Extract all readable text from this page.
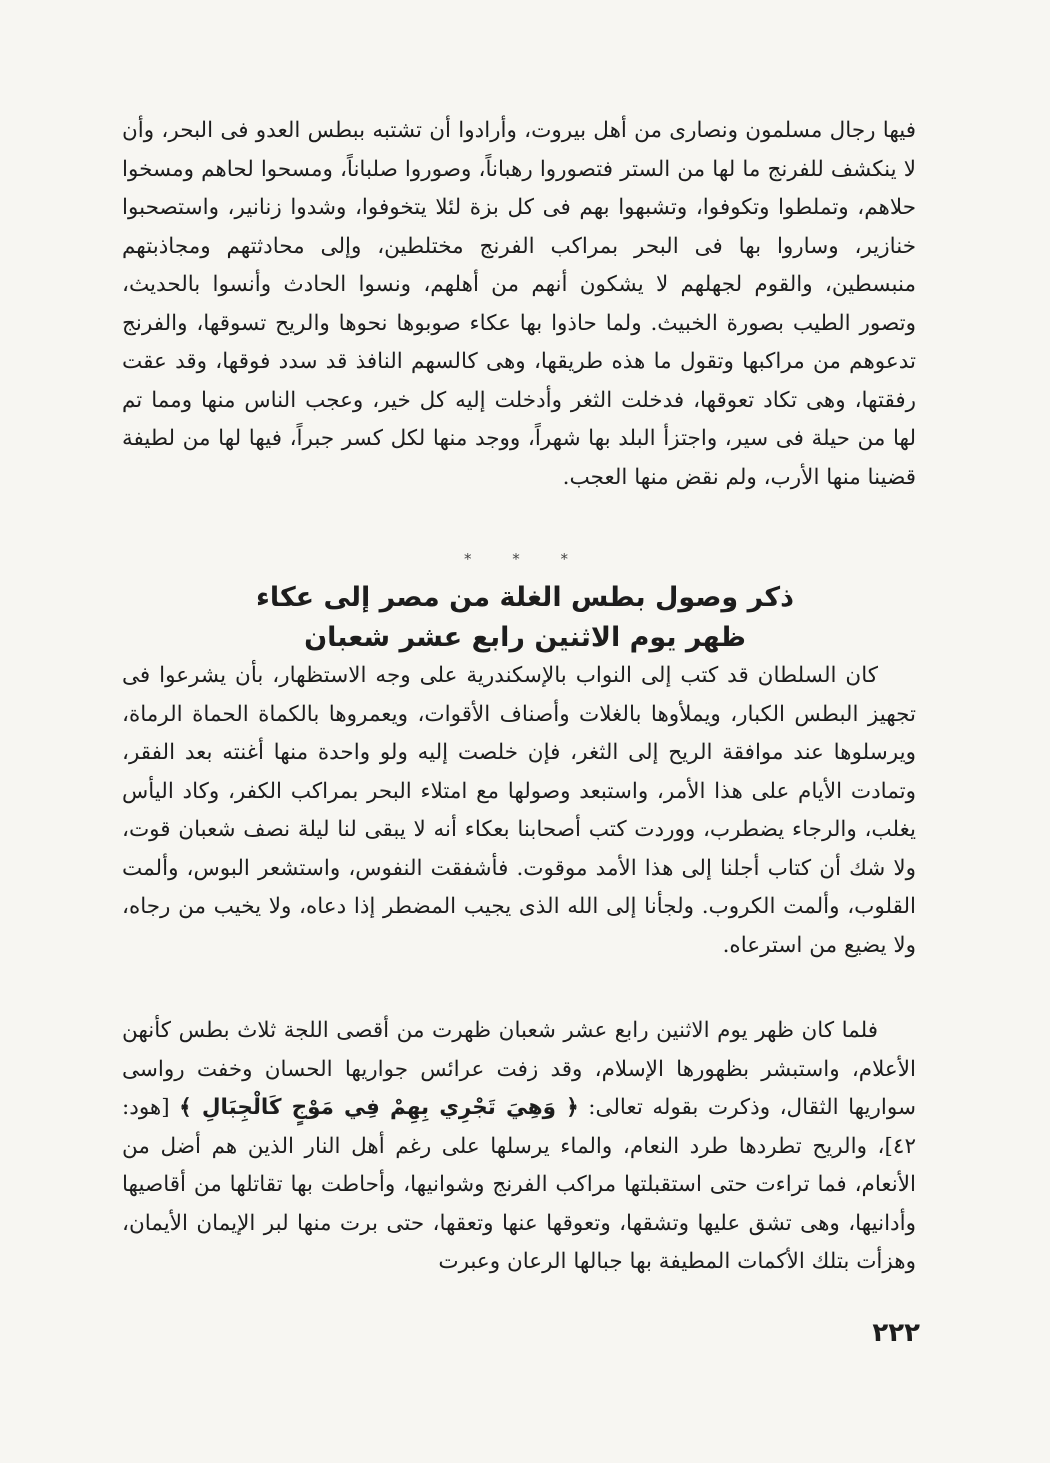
فيها رجال مسلمون ونصارى من أهل بيروت، وأرادوا أن تشتبه ببطس العدو فى البحر، وأن لا ينكشف للفرنج ما لها من الستر فتصوروا رهباناً، وصوروا صلباناً، ومسحوا لحاهم ومسخوا حلاهم، وتملطوا وتكوفوا، وتشبهوا بهم فى كل بزة لئلا يتخوفوا، وشدوا زنانير، واستصحبوا خنازير، وساروا بها فى البحر بمراكب الفرنج مختلطين، وإلى محادثتهم ومجاذبتهم منبسطين، والقوم لجهلهم لا يشكون أنهم من أهلهم، ونسوا الحادث وأنسوا بالحديث، وتصور الطيب بصورة الخبيث. ولما حاذوا بها عكاء صوبوها نحوها والريح تسوقها، والفرنج تدعوهم من مراكبها وتقول ما هذه طريقها، وهى كالسهم النافذ قد سدد فوقها، وقد عقت رفقتها، وهى تكاد تعوقها، فدخلت الثغر وأدخلت إليه كل خير، وعجب الناس منها ومما تم لها من حيلة فى سير، واجتزأ البلد بها شهراً، ووجد منها لكل كسر جبراً، فيها لها من لطيفة قضينا منها الأرب، ولم نقض منها العجب.

* * *
ذكر وصول بطس الغلة من مصر إلى عكاء
ظهر يوم الاثنين رابع عشر شعبان

كان السلطان قد كتب إلى النواب بالإسكندرية على وجه الاستظهار، بأن يشرعوا فى تجهيز البطس الكبار، ويملأوها بالغلات وأصناف الأقوات، ويعمروها بالكماة الحماة الرماة، ويرسلوها عند موافقة الريح إلى الثغر، فإن خلصت إليه ولو واحدة منها أغنته بعد الفقر، وتمادت الأيام على هذا الأمر، واستبعد وصولها مع امتلاء البحر بمراكب الكفر، وكاد اليأس يغلب، والرجاء يضطرب، ووردت كتب أصحابنا بعكاء أنه لا يبقى لنا ليلة نصف شعبان قوت، ولا شك أن كتاب أجلنا إلى هذا الأمد موقوت. فأشفقت النفوس، واستشعر البوس، وألمت القلوب، وألمت الكروب. ولجأنا إلى الله الذى يجيب المضطر إذا دعاه، ولا يخيب من رجاه، ولا يضيع من استرعاه.

فلما كان ظهر يوم الاثنين رابع عشر شعبان ظهرت من أقصى اللجة ثلاث بطس كأنهن الأعلام، واستبشر بظهورها الإسلام، وقد زفت عرائس جواريها الحسان وخفت رواسى سواريها الثقال، وذكرت بقوله تعالى: ﴿ وَهِيَ تَجْرِي بِهِمْ فِي مَوْجٍ كَالْجِبَالِ ﴾ [هود: ٤٢]، والريح تطردها طرد النعام، والماء يرسلها على رغم أهل النار الذين هم أضل من الأنعام، فما تراءت حتى استقبلتها مراكب الفرنج وشوانيها، وأحاطت بها تقاتلها من أقاصيها وأدانيها، وهى تشق عليها وتشقها، وتعوقها عنها وتعقها، حتى برت منها لبر الإيمان الأيمان، وهزأت بتلك الأكمات المطيفة بها جبالها الرعان وعبرت

٢٢٢
